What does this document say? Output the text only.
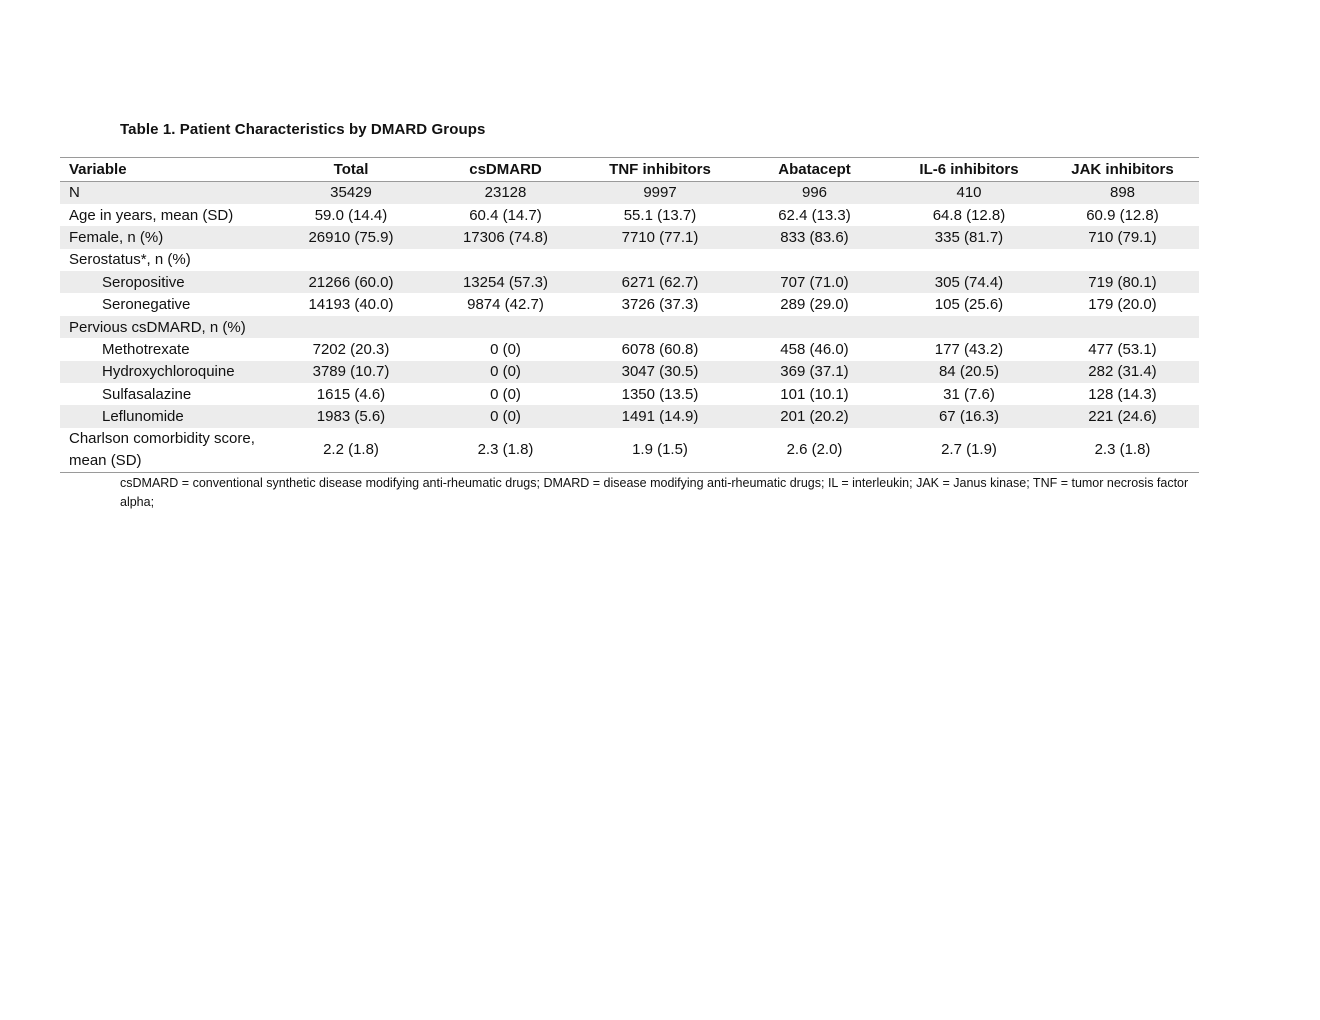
Table 1. Patient Characteristics by DMARD Groups
Variable	Total	csDMARD	TNF inhibitors	Abatacept	IL-6 inhibitors	JAK inhibitors
N	35429	23128	9997	996	410	898
Age in years, mean (SD)	59.0 (14.4)	60.4 (14.7)	55.1 (13.7)	62.4 (13.3)	64.8 (12.8)	60.9 (12.8)
Female, n (%)	26910 (75.9)	17306 (74.8)	7710 (77.1)	833 (83.6)	335 (81.7)	710 (79.1)
Serostatus*, n (%)						
Seropositive	21266 (60.0)	13254 (57.3)	6271 (62.7)	707 (71.0)	305 (74.4)	719 (80.1)
Seronegative	14193 (40.0)	9874 (42.7)	3726 (37.3)	289 (29.0)	105 (25.6)	179 (20.0)
Pervious csDMARD, n (%)						
Methotrexate	7202 (20.3)	0 (0)	6078 (60.8)	458 (46.0)	177 (43.2)	477 (53.1)
Hydroxychloroquine	3789 (10.7)	0 (0)	3047 (30.5)	369 (37.1)	84 (20.5)	282 (31.4)
Sulfasalazine	1615 (4.6)	0 (0)	1350 (13.5)	101 (10.1)	31 (7.6)	128 (14.3)
Leflunomide	1983 (5.6)	0 (0)	1491 (14.9)	201 (20.2)	67 (16.3)	221 (24.6)
Charlson comorbidity score, mean (SD)	2.2 (1.8)	2.3 (1.8)	1.9 (1.5)	2.6 (2.0)	2.7 (1.9)	2.3 (1.8)
csDMARD = conventional synthetic disease modifying anti-rheumatic drugs; DMARD = disease modifying anti-rheumatic drugs; IL = interleukin; JAK = Janus kinase; TNF = tumor necrosis factor alpha;
